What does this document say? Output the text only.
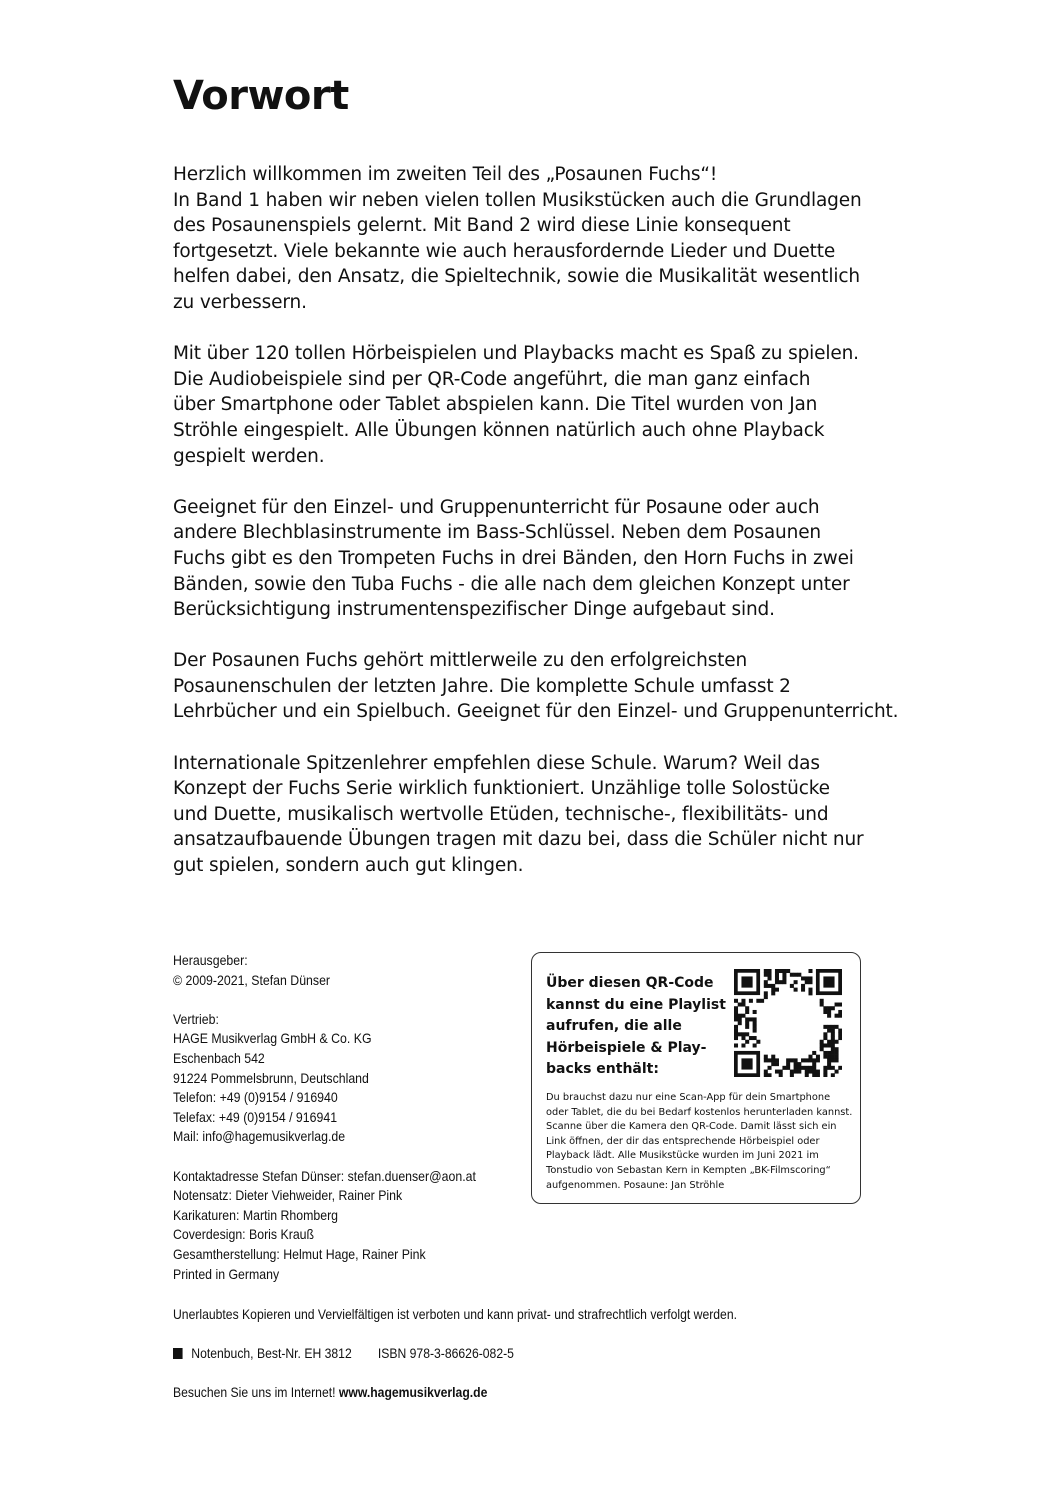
Vorwort

Herzlich willkommen im zweiten Teil des „Posaunen Fuchs“!
In Band 1 haben wir neben vielen tollen Musikstücken auch die Grundlagen
des Posaunenspiels gelernt. Mit Band 2 wird diese Linie konsequent
fortgesetzt. Viele bekannte wie auch herausfordernde Lieder und Duette
helfen dabei, den Ansatz, die Spieltechnik, sowie die Musikalität wesentlich
zu verbessern.

Mit über 120 tollen Hörbeispielen und Playbacks macht es Spaß zu spielen.
Die Audiobeispiele sind per QR-Code angeführt, die man ganz einfach
über Smartphone oder Tablet abspielen kann. Die Titel wurden von Jan
Ströhle eingespielt. Alle Übungen können natürlich auch ohne Playback
gespielt werden.

Geeignet für den Einzel- und Gruppenunterricht für Posaune oder auch
andere Blechblasinstrumente im Bass-Schlüssel. Neben dem Posaunen
Fuchs gibt es den Trompeten Fuchs in drei Bänden, den Horn Fuchs in zwei
Bänden, sowie den Tuba Fuchs - die alle nach dem gleichen Konzept unter
Berücksichtigung instrumentenspezifischer Dinge aufgebaut sind.

Der Posaunen Fuchs gehört mittlerweile zu den erfolgreichsten
Posaunenschulen der letzten Jahre. Die komplette Schule umfasst 2
Lehrbücher und ein Spielbuch. Geeignet für den Einzel- und Gruppenunterricht.

Internationale Spitzenlehrer empfehlen diese Schule. Warum? Weil das
Konzept der Fuchs Serie wirklich funktioniert. Unzählige tolle Solostücke
und Duette, musikalisch wertvolle Etüden, technische-, flexibilitäts- und
ansatzaufbauende Übungen tragen mit dazu bei, dass die Schüler nicht nur
gut spielen, sondern auch gut klingen.

Herausgeber:
© 2009-2021, Stefan Dünser
Vertrieb:
HAGE Musikverlag GmbH & Co. KG
Eschenbach 542
91224 Pommelsbrunn, Deutschland
Telefon: +49 (0)9154 / 916940
Telefax: +49 (0)9154 / 916941
Mail: info@hagemusikverlag.de
Kontaktadresse Stefan Dünser: stefan.duenser@aon.at
Notensatz: Dieter Viehweider, Rainer Pink
Karikaturen: Martin Rhomberg
Coverdesign: Boris Krauß
Gesamtherstellung: Helmut Hage, Rainer Pink
Printed in Germany
Über diesen QR-Code
kannst du eine Playlist
aufrufen, die alle
Hörbeispiele & Play-
backs enthält:
Du brauchst dazu nur eine Scan-App für dein Smartphone
oder Tablet, die du bei Bedarf kostenlos herunterladen kannst.
Scanne über die Kamera den QR-Code. Damit lässt sich ein
Link öffnen, der dir das entsprechende Hörbeispiel oder
Playback lädt. Alle Musikstücke wurden im Juni 2021 im
Tonstudio von Sebastan Kern in Kempten „BK-Filmscoring“
aufgenommen. Posaune: Jan Ströhle
Unerlaubtes Kopieren und Vervielfältigen ist verboten und kann privat- und strafrechtlich verfolgt werden.
Notenbuch, Best-Nr. EH 3812 ISBN 978-3-86626-082-5
Besuchen Sie uns im Internet! www.hagemusikverlag.de
